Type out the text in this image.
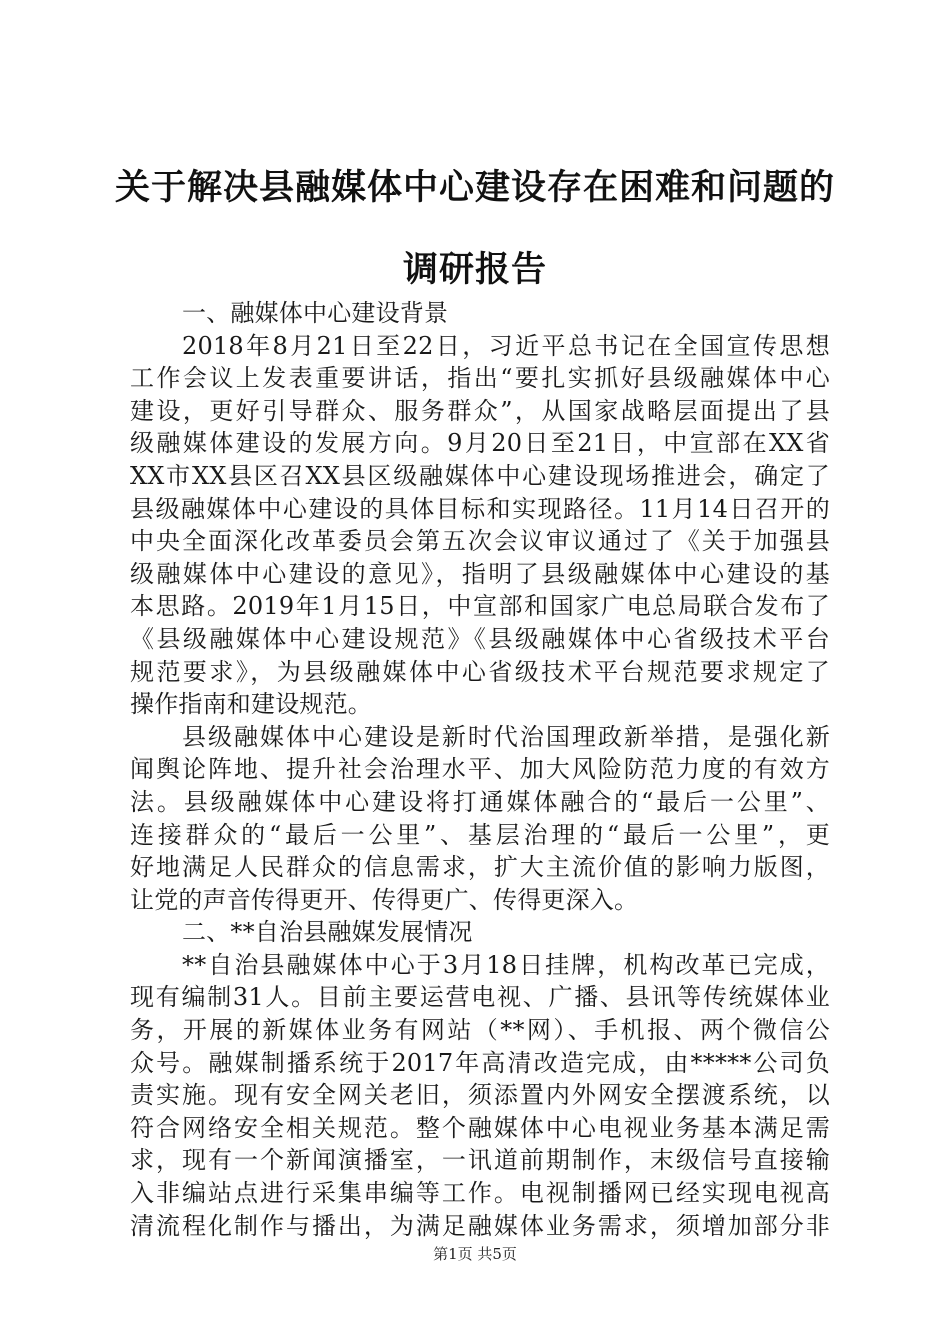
关于解决县融媒体中心建设存在困难和问题的
调研报告
一、融媒体中心建设背景
2018年8月21日至22日，习近平总书记在全国宣传思想
工作会议上发表重要讲话，指出“要扎实抓好县级融媒体中心
建设，更好引导群众、服务群众”，从国家战略层面提出了县
级融媒体建设的发展方向。9月20日至21日，中宣部在XX省
XX市XX县区召XX县区级融媒体中心建设现场推进会，确定了
县级融媒体中心建设的具体目标和实现路径。11月14日召开的
中央全面深化改革委员会第五次会议审议通过了《关于加强县
级融媒体中心建设的意见》，指明了县级融媒体中心建设的基
本思路。2019年1月15日，中宣部和国家广电总局联合发布了
《县级融媒体中心建设规范》《县级融媒体中心省级技术平台
规范要求》，为县级融媒体中心省级技术平台规范要求规定了
操作指南和建设规范。
县级融媒体中心建设是新时代治国理政新举措，是强化新
闻舆论阵地、提升社会治理水平、加大风险防范力度的有效方
法。县级融媒体中心建设将打通媒体融合的“最后一公里”、
连接群众的“最后一公里”、基层治理的“最后一公里”，更
好地满足人民群众的信息需求，扩大主流价值的影响力版图，
让党的声音传得更开、传得更广、传得更深入。
二、**自治县融媒发展情况
**自治县融媒体中心于3月18日挂牌，机构改革已完成，
现有编制31人。目前主要运营电视、广播、县讯等传统媒体业
务，开展的新媒体业务有网站（**网）、手机报、两个微信公
众号。融媒制播系统于2017年高清改造完成，由*****公司负
责实施。现有安全网关老旧，须添置内外网安全摆渡系统，以
符合网络安全相关规范。整个融媒体中心电视业务基本满足需
求，现有一个新闻演播室，一讯道前期制作，末级信号直接输
入非编站点进行采集串编等工作。电视制播网已经实现电视高
清流程化制作与播出，为满足融媒体业务需求，须增加部分非
第1页 共5页
